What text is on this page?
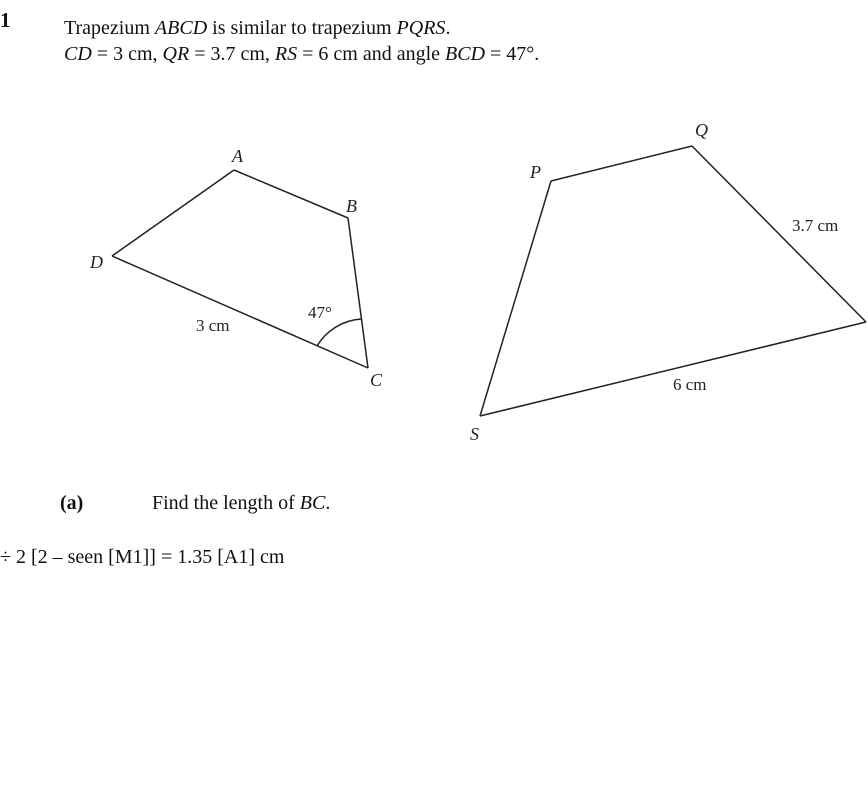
1	Trapezium ABCD is similar to trapezium PQRS.
CD = 3 cm, QR = 3.7 cm, RS = 6 cm and angle BCD = 47°.
A
B
C
D
3 cm
47°
P
Q
S
3.7 cm
6 cm
(a)	Find the length of BC.
÷ 2 [2 – seen [M1]] = 1.35 [A1] cm
